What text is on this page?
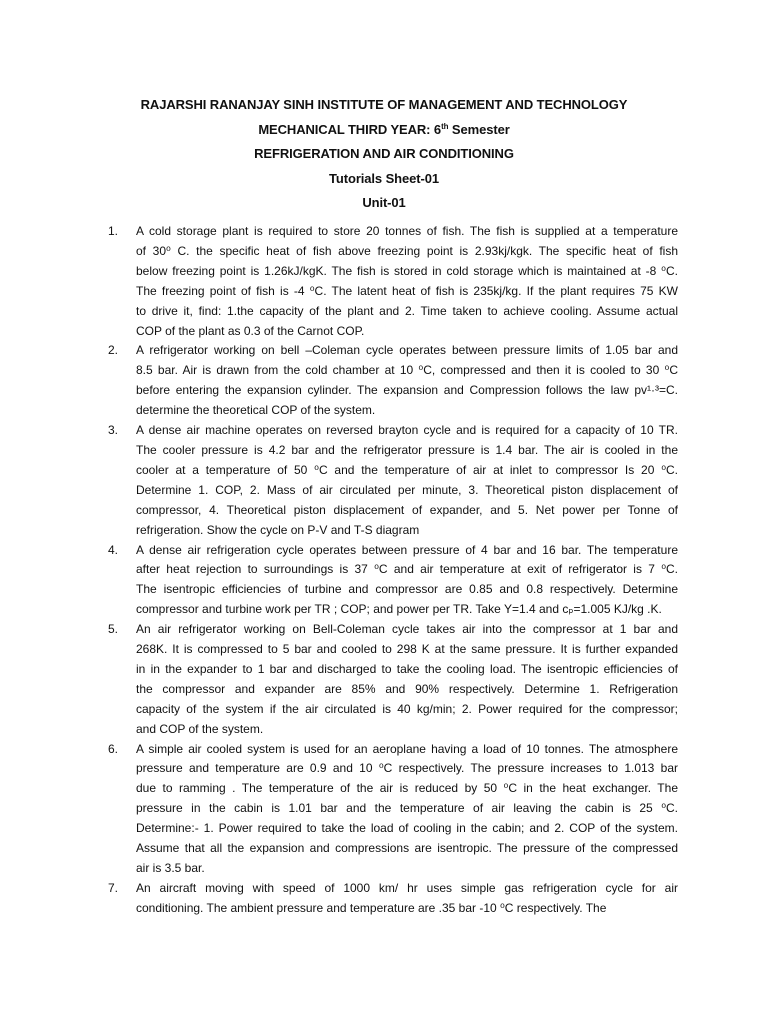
RAJARSHI RANANJAY SINH INSTITUTE OF MANAGEMENT AND TECHNOLOGY
MECHANICAL THIRD YEAR: 6th Semester
REFRIGERATION AND AIR CONDITIONING
Tutorials Sheet-01
Unit-01
1.	A cold storage plant is required to store 20 tonnes of fish. The fish is supplied at a temperature
of 30⁰ C. the specific heat of fish above freezing point is 2.93kj/kgk. The specific heat of fish
below freezing point is 1.26kJ/kgK. The fish is stored in cold storage which is maintained at -8 ⁰C.
The freezing point of fish is -4 ⁰C. The latent heat of fish is 235kj/kg. If the plant requires 75 KW
to drive it, find: 1.the capacity of the plant and 2. Time taken to achieve cooling. Assume actual
COP of the plant as 0.3 of the Carnot COP.
2.	A refrigerator working on bell –Coleman cycle operates between pressure limits of 1.05 bar and
8.5 bar. Air is drawn from the cold chamber at 10 ⁰C, compressed and then it is cooled to 30 ⁰C
before entering the expansion cylinder. The expansion and Compression follows the law pv¹·³=C.
determine the theoretical COP of the system.
3.	A dense air machine operates on reversed brayton cycle and is required for a capacity of 10 TR.
The cooler pressure is 4.2 bar and the refrigerator pressure is 1.4 bar. The air is cooled in the
cooler at a temperature of 50 ⁰C and the temperature of air at inlet to compressor Is 20 ⁰C.
Determine 1. COP, 2. Mass of air circulated per minute, 3. Theoretical piston displacement of
compressor, 4. Theoretical piston displacement of expander, and 5. Net power per Tonne of
refrigeration. Show the cycle on P-V and T-S diagram
4.	A dense air refrigeration cycle operates between pressure of 4 bar and 16 bar. The temperature
after heat rejection to surroundings is 37 ⁰C and air temperature at exit of refrigerator is 7 ⁰C.
The isentropic efficiencies of turbine and compressor are 0.85 and 0.8 respectively. Determine
compressor and turbine work per TR ; COP; and power per TR. Take Y=1.4 and cₚ=1.005 KJ/kg .K.
5.	An air refrigerator working on Bell-Coleman cycle takes air into the compressor at 1 bar and
268K. It is compressed to 5 bar and cooled to 298 K at the same pressure. It is further expanded
in in the expander to 1 bar and discharged to take the cooling load. The isentropic efficiencies of
the compressor and expander are 85% and 90% respectively. Determine 1. Refrigeration
capacity of the system if the air circulated is 40 kg/min; 2. Power required for the compressor;
and COP of the system.
6.	A simple air cooled system is used for an aeroplane having a load of 10 tonnes. The atmosphere
pressure and temperature are 0.9 and 10 ⁰C respectively. The pressure increases to 1.013 bar
due to ramming . The temperature of the air is reduced by 50 ⁰C in the heat exchanger. The
pressure in the cabin is 1.01 bar and the temperature of air leaving the cabin is 25 ⁰C.
Determine:- 1. Power required to take the load of cooling in the cabin; and 2. COP of the system.
Assume that all the expansion and compressions are isentropic. The pressure of the compressed
air is 3.5 bar.
7.	An aircraft moving with speed of 1000 km/ hr uses simple gas refrigeration cycle for air
conditioning. The ambient pressure and temperature are .35 bar -10 ⁰C respectively. The
